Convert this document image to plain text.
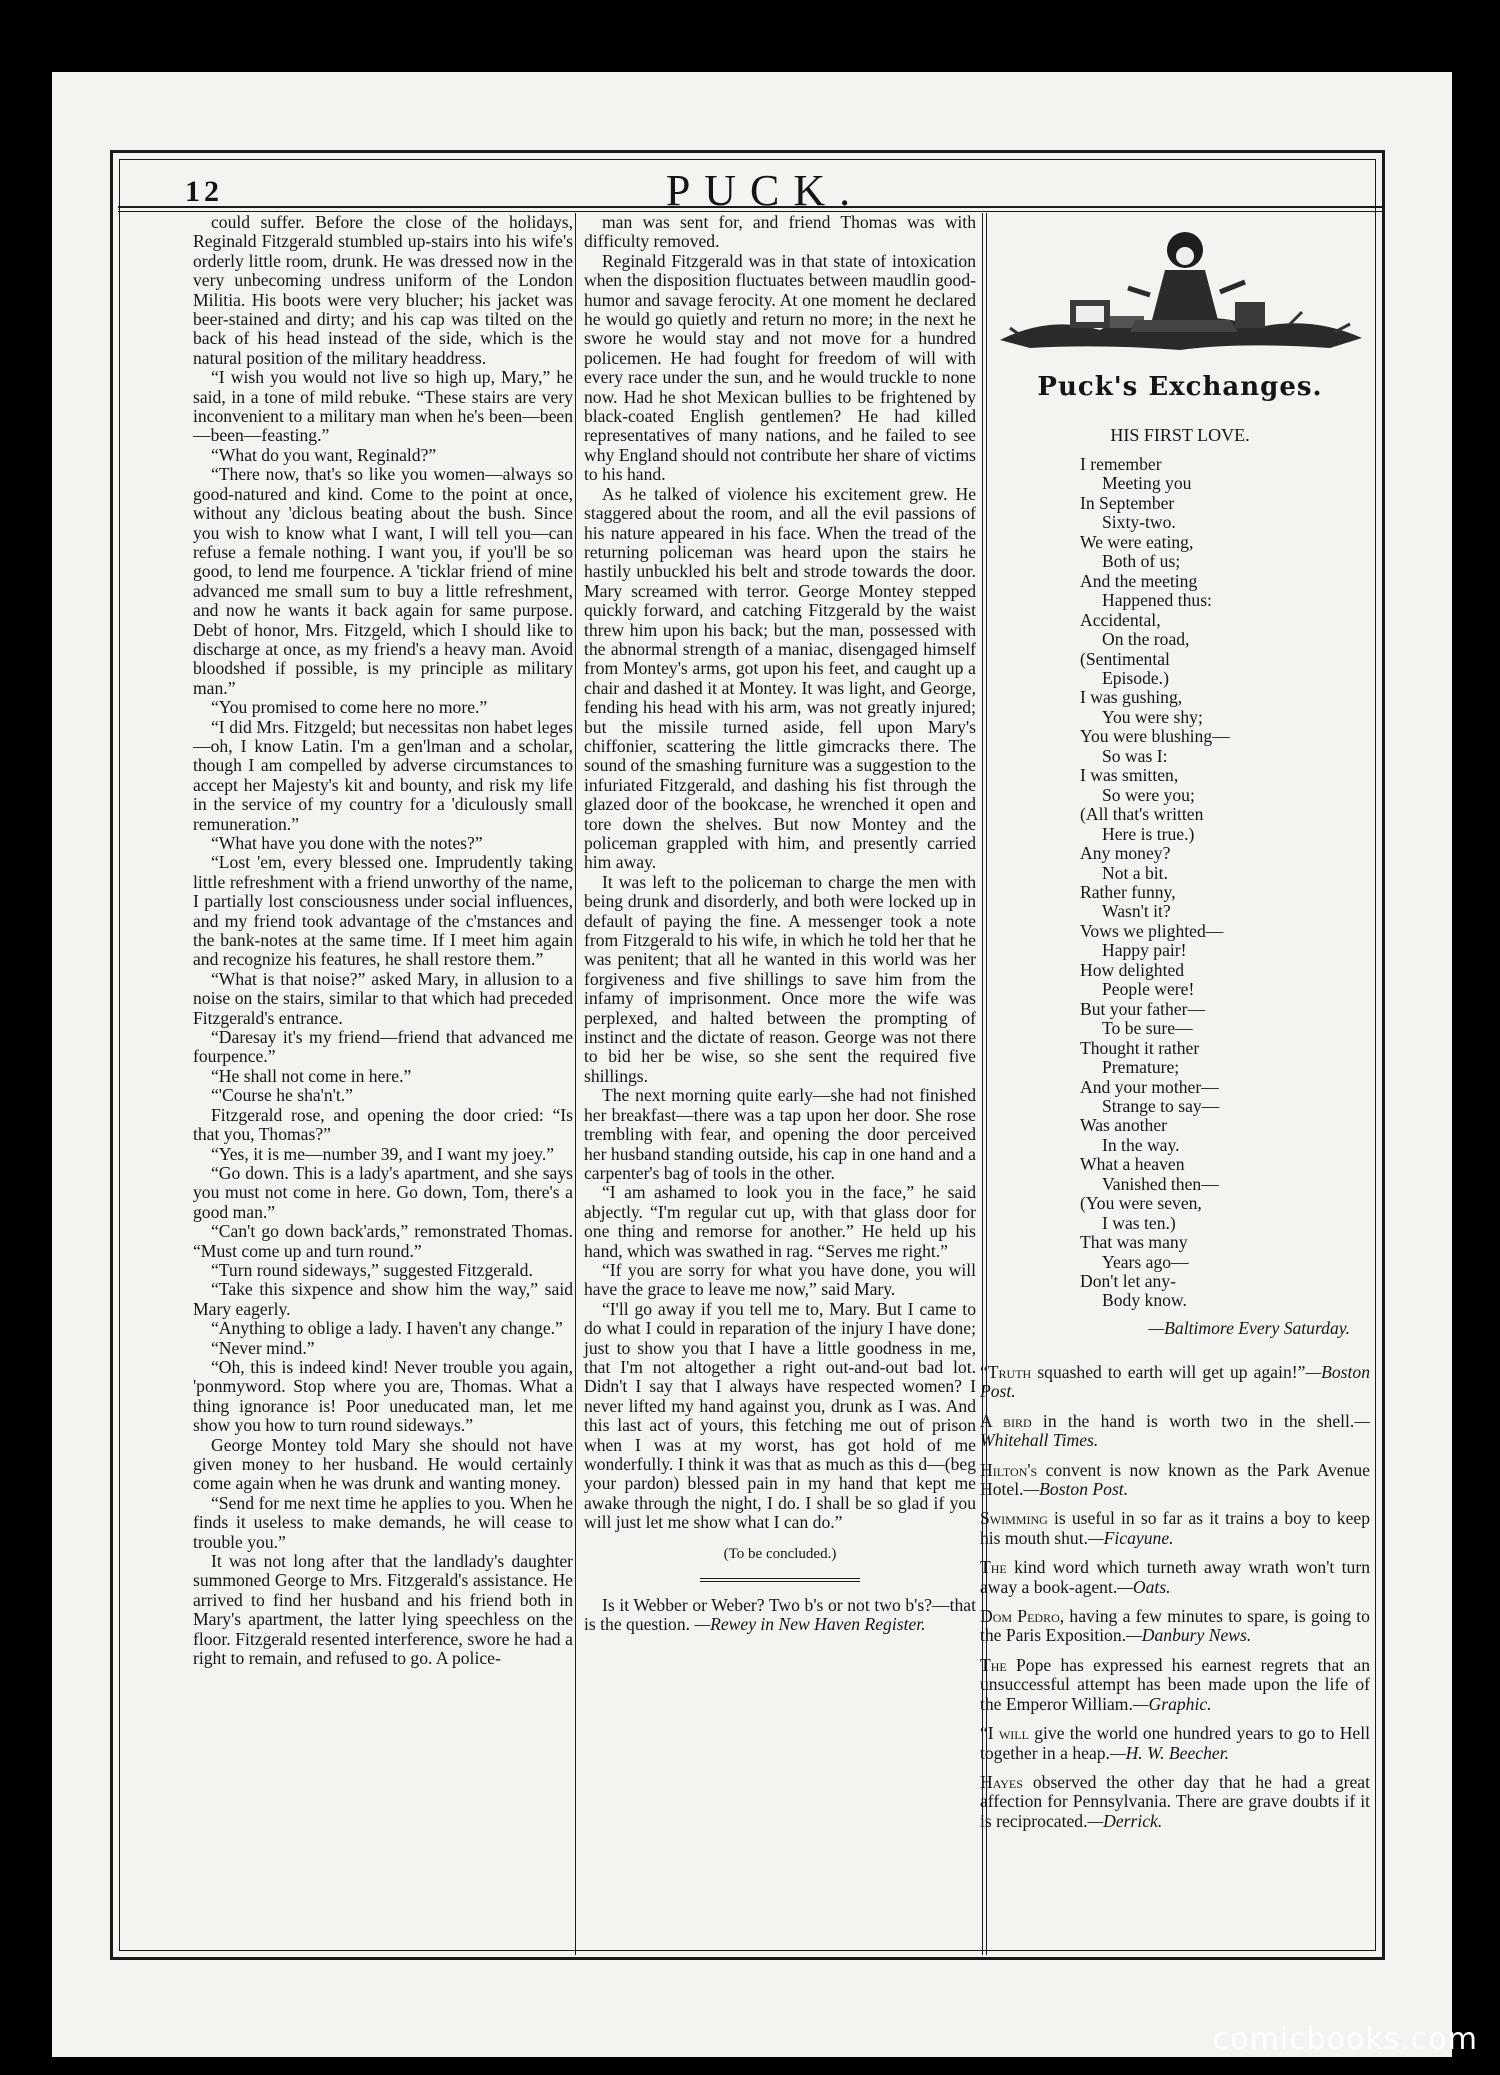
PUCK.
12

could suffer. Before the close of the holidays, Reginald Fitzgerald stumbled up-stairs into his wife's orderly little room, drunk. He was dressed now in the very unbecoming undress uniform of the London Militia. His boots were very blucher; his jacket was beer-stained and dirty; and his cap was tilted on the back of his head instead of the side, which is the natural position of the military headdress.

“I wish you would not live so high up, Mary,” he said, in a tone of mild rebuke. “These stairs are very inconvenient to a military man when he's been—been—been—feasting.”

“What do you want, Reginald?”

“There now, that's so like you women—always so good-natured and kind. Come to the point at once, without any 'diclous beating about the bush. Since you wish to know what I want, I will tell you—can refuse a female nothing. I want you, if you'll be so good, to lend me fourpence. A 'ticklar friend of mine advanced me small sum to buy a little refreshment, and now he wants it back again for same purpose. Debt of honor, Mrs. Fitzgeld, which I should like to discharge at once, as my friend's a heavy man. Avoid bloodshed if possible, is my principle as military man.”

“You promised to come here no more.”

“I did Mrs. Fitzgeld; but necessitas non habet leges—oh, I know Latin. I'm a gen'lman and a scholar, though I am compelled by adverse circumstances to accept her Majesty's kit and bounty, and risk my life in the service of my country for a 'diculously small remuneration.”

“What have you done with the notes?”

“Lost 'em, every blessed one. Imprudently taking little refreshment with a friend unworthy of the name, I partially lost consciousness under social influences, and my friend took advantage of the c'mstances and the bank-notes at the same time. If I meet him again and recognize his features, he shall restore them.”

“What is that noise?” asked Mary, in allusion to a noise on the stairs, similar to that which had preceded Fitzgerald's entrance.

“Daresay it's my friend—friend that advanced me fourpence.”

“He shall not come in here.”

“'Course he sha'n't.”

Fitzgerald rose, and opening the door cried: “Is that you, Thomas?”

“Yes, it is me—number 39, and I want my joey.”

“Go down. This is a lady's apartment, and she says you must not come in here. Go down, Tom, there's a good man.”

“Can't go down back'ards,” remonstrated Thomas. “Must come up and turn round.”

“Turn round sideways,” suggested Fitzgerald.

“Take this sixpence and show him the way,” said Mary eagerly.

“Anything to oblige a lady. I haven't any change.”

“Never mind.”

“Oh, this is indeed kind! Never trouble you again, 'ponmyword. Stop where you are, Thomas. What a thing ignorance is! Poor uneducated man, let me show you how to turn round sideways.”

George Montey told Mary she should not have given money to her husband. He would certainly come again when he was drunk and wanting money.

“Send for me next time he applies to you. When he finds it useless to make demands, he will cease to trouble you.”

It was not long after that the landlady's daughter summoned George to Mrs. Fitzgerald's assistance. He arrived to find her husband and his friend both in Mary's apartment, the latter lying speechless on the floor. Fitzgerald resented interference, swore he had a right to remain, and refused to go. A police-

man was sent for, and friend Thomas was with difficulty removed.

Reginald Fitzgerald was in that state of intoxication when the disposition fluctuates between maudlin good-humor and savage ferocity. At one moment he declared he would go quietly and return no more; in the next he swore he would stay and not move for a hundred policemen. He had fought for freedom of will with every race under the sun, and he would truckle to none now. Had he shot Mexican bullies to be frightened by black-coated English gentlemen? He had killed representatives of many nations, and he failed to see why England should not contribute her share of victims to his hand.

As he talked of violence his excitement grew. He staggered about the room, and all the evil passions of his nature appeared in his face. When the tread of the returning policeman was heard upon the stairs he hastily unbuckled his belt and strode towards the door. Mary screamed with terror. George Montey stepped quickly forward, and catching Fitzgerald by the waist threw him upon his back; but the man, possessed with the abnormal strength of a maniac, disengaged himself from Montey's arms, got upon his feet, and caught up a chair and dashed it at Montey. It was light, and George, fending his head with his arm, was not greatly injured; but the missile turned aside, fell upon Mary's chiffonier, scattering the little gimcracks there. The sound of the smashing furniture was a suggestion to the infuriated Fitzgerald, and dashing his fist through the glazed door of the bookcase, he wrenched it open and tore down the shelves. But now Montey and the policeman grappled with him, and presently carried him away.

It was left to the policeman to charge the men with being drunk and disorderly, and both were locked up in default of paying the fine. A messenger took a note from Fitzgerald to his wife, in which he told her that he was penitent; that all he wanted in this world was her forgiveness and five shillings to save him from the infamy of imprisonment. Once more the wife was perplexed, and halted between the prompting of instinct and the dictate of reason. George was not there to bid her be wise, so she sent the required five shillings.

The next morning quite early—she had not finished her breakfast—there was a tap upon her door. She rose trembling with fear, and opening the door perceived her husband standing outside, his cap in one hand and a carpenter's bag of tools in the other.

“I am ashamed to look you in the face,” he said abjectly. “I'm regular cut up, with that glass door for one thing and remorse for another.” He held up his hand, which was swathed in rag. “Serves me right.”

“If you are sorry for what you have done, you will have the grace to leave me now,” said Mary.

“I'll go away if you tell me to, Mary. But I came to do what I could in reparation of the injury I have done; just to show you that I have a little goodness in me, that I'm not altogether a right out-and-out bad lot. Didn't I say that I always have respected women? I never lifted my hand against you, drunk as I was. And this last act of yours, this fetching me out of prison when I was at my worst, has got hold of me wonderfully. I think it was that as much as this d—(beg your pardon) blessed pain in my hand that kept me awake through the night, I do. I shall be so glad if you will just let me show what I can do.”

(To be concluded.)

Is it Webber or Weber? Two b's or not two b's?—that is the question. —Rewey in New Haven Register.

Puck's Exchanges.
HIS FIRST LOVE.
I remember
Meeting you
In September
Sixty-two.
We were eating,
Both of us;
And the meeting
Happened thus:
Accidental,
On the road,
(Sentimental
Episode.)
I was gushing,
You were shy;
You were blushing—
So was I:
I was smitten,
So were you;
(All that's written
Here is true.)
Any money?
Not a bit.
Rather funny,
Wasn't it?
Vows we plighted—
Happy pair!
How delighted
People were!
But your father—
To be sure—
Thought it rather
Premature;
And your mother—
Strange to say—
Was another
In the way.
What a heaven
Vanished then—
(You were seven,
I was ten.)
That was many
Years ago—
Don't let any-
Body know.
—Baltimore Every Saturday.

“Truth squashed to earth will get up again!”—Boston Post.

A bird in the hand is worth two in the shell.— Whitehall Times.

Hilton's convent is now known as the Park Avenue Hotel.—Boston Post.

Swimming is useful in so far as it trains a boy to keep his mouth shut.—Ficayune.

The kind word which turneth away wrath won't turn away a book-agent.—Oats.

Dom Pedro, having a few minutes to spare, is going to the Paris Exposition.—Danbury News.

The Pope has expressed his earnest regrets that an unsuccessful attempt has been made upon the life of the Emperor William.—Graphic.

“I will give the world one hundred years to go to Hell together in a heap.—H. W. Beecher.

Hayes observed the other day that he had a great affection for Pennsylvania. There are grave doubts if it is reciprocated.—Derrick.

comicbooks.com
